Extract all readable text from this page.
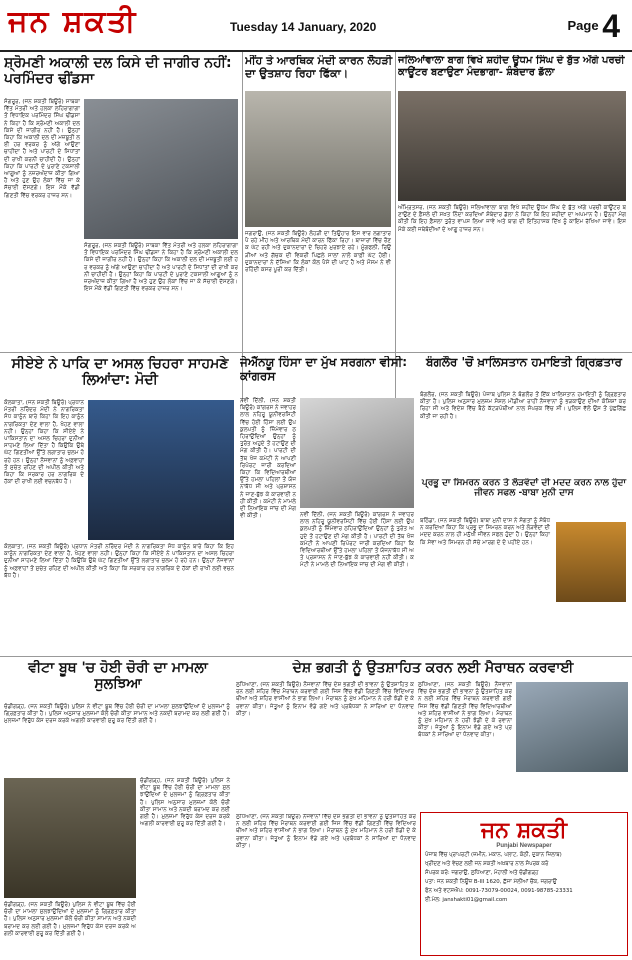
ਜਨ ਸ਼ਕਤੀ	Tuesday 14 January, 2020	Page 4
ਸ਼੍ਰੋਮਣੀ ਅਕਾਲੀ ਦਲ ਕਿਸੇ ਦੀ ਜਾਗੀਰ ਨਹੀਂ: ਪਰਮਿੰਦਰ ਢੀਂਡਸਾ
ਸੰਗਰੂਰ, (ਜਨ ਸ਼ਕਤੀ ਬਿਊਰੋ) ਸਾਬਕਾ ਵਿੱਤ ਮੰਤਰੀ ਅਤੇ ਹਲਕਾ ਲਹਿਰਾਗਾਗਾ ਤੋਂ ਵਿਧਾਇਕ ਪਰਮਿੰਦਰ ਸਿੰਘ ਢੀਂਡਸਾ ਨੇ ਕਿਹਾ ਹੈ ਕਿ ਸ਼੍ਰੋਮਣੀ ਅਕਾਲੀ ਦਲ ਕਿਸੇ ਦੀ ਜਾਗੀਰ ਨਹੀਂ ਹੈ। ਉਨ੍ਹਾਂ ਕਿਹਾ ਕਿ ਅਕਾਲੀ ਦਲ ਦੀ ਮਜ਼ਬੂਤੀ ਲਈ ਹਰ ਵਰਕਰ ਨੂੰ ਅੱਗੇ ਆਉਣਾ ਚਾਹੀਦਾ ਹੈ ਅਤੇ ਪਾਰਟੀ ਦੇ ਸਿਧਾਂਤਾਂ ਦੀ ਰਾਖੀ ਕਰਨੀ ਚਾਹੀਦੀ ਹੈ। ਉਨ੍ਹਾਂ ਕਿਹਾ ਕਿ ਪਾਰਟੀ ਦੇ ਪੁਰਾਣੇ ਟਕਸਾਲੀ ਆਗੂਆਂ ਨੂੰ ਨਜ਼ਰਅੰਦਾਜ਼ ਕੀਤਾ ਗਿਆ ਹੈ ਅਤੇ ਹੁਣ ਉਹ ਲੋਕਾਂ ਵਿੱਚ ਜਾ ਕੇ ਸੱਚਾਈ ਦੱਸਣਗੇ। ਇਸ ਮੌਕੇ ਵੱਡੀ ਗਿਣਤੀ ਵਿੱਚ ਵਰਕਰ ਹਾਜ਼ਰ ਸਨ।
ਸੰਗਰੂਰ, (ਜਨ ਸ਼ਕਤੀ ਬਿਊਰੋ) ਸਾਬਕਾ ਵਿੱਤ ਮੰਤਰੀ ਅਤੇ ਹਲਕਾ ਲਹਿਰਾਗਾਗਾ ਤੋਂ ਵਿਧਾਇਕ ਪਰਮਿੰਦਰ ਸਿੰਘ ਢੀਂਡਸਾ ਨੇ ਕਿਹਾ ਹੈ ਕਿ ਸ਼੍ਰੋਮਣੀ ਅਕਾਲੀ ਦਲ ਕਿਸੇ ਦੀ ਜਾਗੀਰ ਨਹੀਂ ਹੈ। ਉਨ੍ਹਾਂ ਕਿਹਾ ਕਿ ਅਕਾਲੀ ਦਲ ਦੀ ਮਜ਼ਬੂਤੀ ਲਈ ਹਰ ਵਰਕਰ ਨੂੰ ਅੱਗੇ ਆਉਣਾ ਚਾਹੀਦਾ ਹੈ ਅਤੇ ਪਾਰਟੀ ਦੇ ਸਿਧਾਂਤਾਂ ਦੀ ਰਾਖੀ ਕਰਨੀ ਚਾਹੀਦੀ ਹੈ। ਉਨ੍ਹਾਂ ਕਿਹਾ ਕਿ ਪਾਰਟੀ ਦੇ ਪੁਰਾਣੇ ਟਕਸਾਲੀ ਆਗੂਆਂ ਨੂੰ ਨਜ਼ਰਅੰਦਾਜ਼ ਕੀਤਾ ਗਿਆ ਹੈ ਅਤੇ ਹੁਣ ਉਹ ਲੋਕਾਂ ਵਿੱਚ ਜਾ ਕੇ ਸੱਚਾਈ ਦੱਸਣਗੇ। ਇਸ ਮੌਕੇ ਵੱਡੀ ਗਿਣਤੀ ਵਿੱਚ ਵਰਕਰ ਹਾਜ਼ਰ ਸਨ।
ਮੀਂਹ ਤੇ ਆਰਥਿਕ ਮੰਦੀ ਕਾਰਨ ਲੋਹੜੀ ਦਾ ਉਤਸ਼ਾਹ ਰਿਹਾ ਫਿੱਕਾ।
ਜਗਰਾਉਂ, (ਜਨ ਸ਼ਕਤੀ ਬਿਊਰੋ) ਲੋਹੜੀ ਦਾ ਤਿਉਹਾਰ ਇਸ ਵਾਰ ਲਗਾਤਾਰ ਪੈ ਰਹੇ ਮੀਂਹ ਅਤੇ ਆਰਥਿਕ ਮੰਦੀ ਕਾਰਨ ਫਿੱਕਾ ਰਿਹਾ। ਬਾਜ਼ਾਰਾਂ ਵਿੱਚ ਰੌਣਕ ਘੱਟ ਰਹੀ ਅਤੇ ਦੁਕਾਨਦਾਰਾਂ ਦੇ ਚਿਹਰੇ ਮੁਰਝਾਏ ਰਹੇ। ਮੂੰਗਫਲੀ, ਰਿਉੜੀਆਂ ਅਤੇ ਗੱਚਕ ਦੀ ਵਿਕਰੀ ਪਿਛਲੇ ਸਾਲਾਂ ਨਾਲੋਂ ਕਾਫ਼ੀ ਘੱਟ ਹੋਈ। ਦੁਕਾਨਦਾਰਾਂ ਨੇ ਦੱਸਿਆ ਕਿ ਲੋਕਾਂ ਕੋਲ ਪੈਸੇ ਦੀ ਘਾਟ ਹੈ ਅਤੇ ਮੌਸਮ ਨੇ ਵੀ ਰਹਿੰਦੀ ਕਸਰ ਪੂਰੀ ਕਰ ਦਿੱਤੀ।
ਜਲਿਆਂਵਾਲਾ ਬਾਗ ਵਿਖੇ ਸ਼ਹੀਦ ਊਧਮ ਸਿੰਘ ਦੇ ਬੁੱਤ ਅੱਗੇ ਪਰਚੀ ਕਾਊਂਟਰ ਬਣਾਉਣਾ ਮੰਦਭਾਗਾ- ਸ਼ੰਬੇਦਾਰ ਡੱਲਾ
ਅੰਮ੍ਰਿਤਸਰ, (ਜਨ ਸ਼ਕਤੀ ਬਿਊਰੋ) ਜਲਿਆਂਵਾਲਾ ਬਾਗ ਵਿਖੇ ਸ਼ਹੀਦ ਊਧਮ ਸਿੰਘ ਦੇ ਬੁੱਤ ਅੱਗੇ ਪਰਚੀ ਕਾਊਂਟਰ ਬਣਾਉਣ ਦੇ ਫ਼ੈਸਲੇ ਦੀ ਸਖ਼ਤ ਨਿੰਦਾ ਕਰਦਿਆਂ ਸ਼ੰਬੇਦਾਰ ਡੱਲਾ ਨੇ ਕਿਹਾ ਕਿ ਇਹ ਸ਼ਹੀਦਾਂ ਦਾ ਅਪਮਾਨ ਹੈ। ਉਨ੍ਹਾਂ ਮੰਗ ਕੀਤੀ ਕਿ ਇਹ ਫ਼ੈਸਲਾ ਤੁਰੰਤ ਵਾਪਸ ਲਿਆ ਜਾਵੇ ਅਤੇ ਬਾਗ ਦੀ ਇਤਿਹਾਸਕ ਦਿੱਖ ਨੂੰ ਕਾਇਮ ਰੱਖਿਆ ਜਾਵੇ। ਇਸ ਮੌਕੇ ਕਈ ਜਥੇਬੰਦੀਆਂ ਦੇ ਆਗੂ ਹਾਜ਼ਰ ਸਨ।
ਸੀਏਏ ਨੇ ਪਾਕਿ ਦਾ ਅਸਲ ਚਿਹਰਾ ਸਾਹਮਣੇ ਲਿਆਂਦਾ: ਮੋਦੀ
ਕੋਲਕਾਤਾ, (ਜਨ ਸ਼ਕਤੀ ਬਿਊਰੋ) ਪ੍ਰਧਾਨ ਮੰਤਰੀ ਨਰਿੰਦਰ ਮੋਦੀ ਨੇ ਨਾਗਰਿਕਤਾ ਸੋਧ ਕਾਨੂੰਨ ਬਾਰੇ ਕਿਹਾ ਕਿ ਇਹ ਕਾਨੂੰਨ ਨਾਗਰਿਕਤਾ ਦੇਣ ਵਾਲਾ ਹੈ, ਖੋਹਣ ਵਾਲਾ ਨਹੀਂ। ਉਨ੍ਹਾਂ ਕਿਹਾ ਕਿ ਸੀਏਏ ਨੇ ਪਾਕਿਸਤਾਨ ਦਾ ਅਸਲ ਚਿਹਰਾ ਦੁਨੀਆਂ ਸਾਹਮਣੇ ਲਿਆ ਦਿੱਤਾ ਹੈ ਕਿਉਂਕਿ ਉਥੇ ਘੱਟ ਗਿਣਤੀਆਂ ਉੱਤੇ ਲਗਾਤਾਰ ਜ਼ੁਲਮ ਹੋ ਰਹੇ ਹਨ। ਉਨ੍ਹਾਂ ਨੌਜਵਾਨਾਂ ਨੂੰ ਅਫ਼ਵਾਹਾਂ ਤੋਂ ਸੁਚੇਤ ਰਹਿਣ ਦੀ ਅਪੀਲ ਕੀਤੀ ਅਤੇ ਕਿਹਾ ਕਿ ਸਰਕਾਰ ਹਰ ਨਾਗਰਿਕ ਦੇ ਹੱਕਾਂ ਦੀ ਰਾਖੀ ਲਈ ਵਚਨਬੱਧ ਹੈ।
ਕੋਲਕਾਤਾ, (ਜਨ ਸ਼ਕਤੀ ਬਿਊਰੋ) ਪ੍ਰਧਾਨ ਮੰਤਰੀ ਨਰਿੰਦਰ ਮੋਦੀ ਨੇ ਨਾਗਰਿਕਤਾ ਸੋਧ ਕਾਨੂੰਨ ਬਾਰੇ ਕਿਹਾ ਕਿ ਇਹ ਕਾਨੂੰਨ ਨਾਗਰਿਕਤਾ ਦੇਣ ਵਾਲਾ ਹੈ, ਖੋਹਣ ਵਾਲਾ ਨਹੀਂ। ਉਨ੍ਹਾਂ ਕਿਹਾ ਕਿ ਸੀਏਏ ਨੇ ਪਾਕਿਸਤਾਨ ਦਾ ਅਸਲ ਚਿਹਰਾ ਦੁਨੀਆਂ ਸਾਹਮਣੇ ਲਿਆ ਦਿੱਤਾ ਹੈ ਕਿਉਂਕਿ ਉਥੇ ਘੱਟ ਗਿਣਤੀਆਂ ਉੱਤੇ ਲਗਾਤਾਰ ਜ਼ੁਲਮ ਹੋ ਰਹੇ ਹਨ। ਉਨ੍ਹਾਂ ਨੌਜਵਾਨਾਂ ਨੂੰ ਅਫ਼ਵਾਹਾਂ ਤੋਂ ਸੁਚੇਤ ਰਹਿਣ ਦੀ ਅਪੀਲ ਕੀਤੀ ਅਤੇ ਕਿਹਾ ਕਿ ਸਰਕਾਰ ਹਰ ਨਾਗਰਿਕ ਦੇ ਹੱਕਾਂ ਦੀ ਰਾਖੀ ਲਈ ਵਚਨਬੱਧ ਹੈ।
ਜੇਐੱਨਯੂ ਹਿੰਸਾ ਦਾ ਮੁੱਖ ਸਰਗਨਾ ਵੀਸੀ: ਕਾਂਗਰਸ
ਨਵੀਂ ਦਿੱਲੀ, (ਜਨ ਸ਼ਕਤੀ ਬਿਊਰੋ) ਕਾਂਗਰਸ ਨੇ ਜਵਾਹਰ ਲਾਲ ਨਹਿਰੂ ਯੂਨੀਵਰਸਿਟੀ ਵਿੱਚ ਹੋਈ ਹਿੰਸਾ ਲਈ ਉਪ ਕੁਲਪਤੀ ਨੂੰ ਜ਼ਿੰਮੇਵਾਰ ਠਹਿਰਾਉਂਦਿਆਂ ਉਨ੍ਹਾਂ ਨੂੰ ਤੁਰੰਤ ਅਹੁਦੇ ਤੋਂ ਹਟਾਉਣ ਦੀ ਮੰਗ ਕੀਤੀ ਹੈ। ਪਾਰਟੀ ਦੀ ਤੱਥ ਖੋਜ ਕਮੇਟੀ ਨੇ ਆਪਣੀ ਰਿਪੋਰਟ ਜਾਰੀ ਕਰਦਿਆਂ ਕਿਹਾ ਕਿ ਵਿਦਿਆਰਥੀਆਂ ਉੱਤੇ ਹਮਲਾ ਪਹਿਲਾਂ ਤੋਂ ਯੋਜਨਾਬੱਧ ਸੀ ਅਤੇ ਪ੍ਰਸ਼ਾਸਨ ਨੇ ਜਾਣ-ਬੁੱਝ ਕੇ ਕਾਰਵਾਈ ਨਹੀਂ ਕੀਤੀ। ਕਮੇਟੀ ਨੇ ਮਾਮਲੇ ਦੀ ਨਿਆਂਇਕ ਜਾਂਚ ਦੀ ਮੰਗ ਵੀ ਕੀਤੀ।	ਨਵੀਂ ਦਿੱਲੀ, (ਜਨ ਸ਼ਕਤੀ ਬਿਊਰੋ) ਕਾਂਗਰਸ ਨੇ ਜਵਾਹਰ ਲਾਲ ਨਹਿਰੂ ਯੂਨੀਵਰਸਿਟੀ ਵਿੱਚ ਹੋਈ ਹਿੰਸਾ ਲਈ ਉਪ ਕੁਲਪਤੀ ਨੂੰ ਜ਼ਿੰਮੇਵਾਰ ਠਹਿਰਾਉਂਦਿਆਂ ਉਨ੍ਹਾਂ ਨੂੰ ਤੁਰੰਤ ਅਹੁਦੇ ਤੋਂ ਹਟਾਉਣ ਦੀ ਮੰਗ ਕੀਤੀ ਹੈ। ਪਾਰਟੀ ਦੀ ਤੱਥ ਖੋਜ ਕਮੇਟੀ ਨੇ ਆਪਣੀ ਰਿਪੋਰਟ ਜਾਰੀ ਕਰਦਿਆਂ ਕਿਹਾ ਕਿ ਵਿਦਿਆਰਥੀਆਂ ਉੱਤੇ ਹਮਲਾ ਪਹਿਲਾਂ ਤੋਂ ਯੋਜਨਾਬੱਧ ਸੀ ਅਤੇ ਪ੍ਰਸ਼ਾਸਨ ਨੇ ਜਾਣ-ਬੁੱਝ ਕੇ ਕਾਰਵਾਈ ਨਹੀਂ ਕੀਤੀ। ਕਮੇਟੀ ਨੇ ਮਾਮਲੇ ਦੀ ਨਿਆਂਇਕ ਜਾਂਚ ਦੀ ਮੰਗ ਵੀ ਕੀਤੀ।
ਬੰਗਲੌਰ 'ਚੋਂ ਖ਼ਾਲਿਸਤਾਨ ਹਮਾਇਤੀ ਗ੍ਰਿਫ਼ਤਾਰ
ਬੰਗਲੌਰ, (ਜਨ ਸ਼ਕਤੀ ਬਿਊਰੋ) ਪੰਜਾਬ ਪੁਲਿਸ ਨੇ ਬੰਗਲੌਰ ਤੋਂ ਇੱਕ ਖ਼ਾਲਿਸਤਾਨ ਹਮਾਇਤੀ ਨੂੰ ਗ੍ਰਿਫ਼ਤਾਰ ਕੀਤਾ ਹੈ। ਪੁਲਿਸ ਅਨੁਸਾਰ ਮੁਲਜ਼ਮ ਸੋਸ਼ਲ ਮੀਡੀਆ ਰਾਹੀਂ ਨੌਜਵਾਨਾਂ ਨੂੰ ਭੜਕਾਉਣ ਦੀਆਂ ਕੋਸ਼ਿਸ਼ਾਂ ਕਰ ਰਿਹਾ ਸੀ ਅਤੇ ਵਿਦੇਸ਼ ਵਿੱਚ ਬੈਠੇ ਕੱਟੜਪੰਥੀਆਂ ਨਾਲ ਸੰਪਰਕ ਵਿੱਚ ਸੀ। ਪੁਲਿਸ ਵੱਲੋਂ ਉਸ ਤੋਂ ਪੁੱਛਗਿੱਛ ਕੀਤੀ ਜਾ ਰਹੀ ਹੈ।
ਪ੍ਰਭੂ ਦਾ ਸਿਮਰਨ ਕਰਨ ਤੇ ਲੋੜਵੰਦਾਂ ਦੀ ਮਦਦ ਕਰਨ ਨਾਲ ਹੁੰਦਾ ਜੀਵਨ ਸਫਲ -ਬਾਬਾ ਮੁਨੀ ਦਾਸ
ਬਠਿੰਡਾ, (ਜਨ ਸ਼ਕਤੀ ਬਿਊਰੋ) ਬਾਬਾ ਮੁਨੀ ਦਾਸ ਨੇ ਸੰਗਤਾਂ ਨੂੰ ਸੰਬੋਧਨ ਕਰਦਿਆਂ ਕਿਹਾ ਕਿ ਪ੍ਰਭੂ ਦਾ ਸਿਮਰਨ ਕਰਨ ਅਤੇ ਲੋੜਵੰਦਾਂ ਦੀ ਮਦਦ ਕਰਨ ਨਾਲ ਹੀ ਮਨੁੱਖੀ ਜੀਵਨ ਸਫਲ ਹੁੰਦਾ ਹੈ। ਉਨ੍ਹਾਂ ਕਿਹਾ ਕਿ ਸੇਵਾ ਅਤੇ ਸਿਮਰਨ ਹੀ ਸੱਚੇ ਮਾਰਗ ਦੇ ਦੋ ਪਹੀਏ ਹਨ।
ਦੇਸ਼ ਭਗਤੀ ਨੂੰ ਉਤਸ਼ਾਹਿਤ ਕਰਨ ਲਈ ਮੈਰਾਥਨ ਕਰਵਾਈ
ਲੁਧਿਆਣਾ, (ਜਨ ਸ਼ਕਤੀ ਬਿਊਰੋ) ਨੌਜਵਾਨਾਂ ਵਿੱਚ ਦੇਸ਼ ਭਗਤੀ ਦੀ ਭਾਵਨਾ ਨੂੰ ਉਤਸ਼ਾਹਿਤ ਕਰਨ ਲਈ ਸ਼ਹਿਰ ਵਿੱਚ ਮੈਰਾਥਨ ਕਰਵਾਈ ਗਈ ਜਿਸ ਵਿੱਚ ਵੱਡੀ ਗਿਣਤੀ ਵਿੱਚ ਵਿਦਿਆਰਥੀਆਂ ਅਤੇ ਸ਼ਹਿਰ ਵਾਸੀਆਂ ਨੇ ਭਾਗ ਲਿਆ। ਮੈਰਾਥਨ ਨੂੰ ਮੁੱਖ ਮਹਿਮਾਨ ਨੇ ਹਰੀ ਝੰਡੀ ਦੇ ਕੇ ਰਵਾਨਾ ਕੀਤਾ। ਜੇਤੂਆਂ ਨੂੰ ਇਨਾਮ ਵੰਡੇ ਗਏ ਅਤੇ ਪ੍ਰਬੰਧਕਾਂ ਨੇ ਸਾਰਿਆਂ ਦਾ ਧੰਨਵਾਦ ਕੀਤਾ।
ਲੁਧਿਆਣਾ, (ਜਨ ਸ਼ਕਤੀ ਬਿਊਰੋ) ਨੌਜਵਾਨਾਂ ਵਿੱਚ ਦੇਸ਼ ਭਗਤੀ ਦੀ ਭਾਵਨਾ ਨੂੰ ਉਤਸ਼ਾਹਿਤ ਕਰਨ ਲਈ ਸ਼ਹਿਰ ਵਿੱਚ ਮੈਰਾਥਨ ਕਰਵਾਈ ਗਈ ਜਿਸ ਵਿੱਚ ਵੱਡੀ ਗਿਣਤੀ ਵਿੱਚ ਵਿਦਿਆਰਥੀਆਂ ਅਤੇ ਸ਼ਹਿਰ ਵਾਸੀਆਂ ਨੇ ਭਾਗ ਲਿਆ। ਮੈਰਾਥਨ ਨੂੰ ਮੁੱਖ ਮਹਿਮਾਨ ਨੇ ਹਰੀ ਝੰਡੀ ਦੇ ਕੇ ਰਵਾਨਾ ਕੀਤਾ। ਜੇਤੂਆਂ ਨੂੰ ਇਨਾਮ ਵੰਡੇ ਗਏ ਅਤੇ ਪ੍ਰਬੰਧਕਾਂ ਨੇ ਸਾਰਿਆਂ ਦਾ ਧੰਨਵਾਦ ਕੀਤਾ।
ਵੀਟਾ ਬੂਥ 'ਚ ਹੋਈ ਚੋਰੀ ਦਾ ਮਾਮਲਾ ਸੁਲਝਿਆ
ਚੰਡੀਗੜ੍ਹ, (ਜਨ ਸ਼ਕਤੀ ਬਿਊਰੋ) ਪੁਲਿਸ ਨੇ ਵੀਟਾ ਬੂਥ ਵਿੱਚ ਹੋਈ ਚੋਰੀ ਦਾ ਮਾਮਲਾ ਸੁਲਝਾਉਂਦਿਆਂ ਦੋ ਮੁਲਜ਼ਮਾਂ ਨੂੰ ਗ੍ਰਿਫ਼ਤਾਰ ਕੀਤਾ ਹੈ। ਪੁਲਿਸ ਅਨੁਸਾਰ ਮੁਲਜ਼ਮਾਂ ਕੋਲੋਂ ਚੋਰੀ ਕੀਤਾ ਸਾਮਾਨ ਅਤੇ ਨਕਦੀ ਬਰਾਮਦ ਕਰ ਲਈ ਗਈ ਹੈ। ਮੁਲਜ਼ਮਾਂ ਵਿਰੁੱਧ ਕੇਸ ਦਰਜ ਕਰਕੇ ਅਗਲੀ ਕਾਰਵਾਈ ਸ਼ੁਰੂ ਕਰ ਦਿੱਤੀ ਗਈ ਹੈ।
ਚੰਡੀਗੜ੍ਹ, (ਜਨ ਸ਼ਕਤੀ ਬਿਊਰੋ) ਪੁਲਿਸ ਨੇ ਵੀਟਾ ਬੂਥ ਵਿੱਚ ਹੋਈ ਚੋਰੀ ਦਾ ਮਾਮਲਾ ਸੁਲਝਾਉਂਦਿਆਂ ਦੋ ਮੁਲਜ਼ਮਾਂ ਨੂੰ ਗ੍ਰਿਫ਼ਤਾਰ ਕੀਤਾ ਹੈ। ਪੁਲਿਸ ਅਨੁਸਾਰ ਮੁਲਜ਼ਮਾਂ ਕੋਲੋਂ ਚੋਰੀ ਕੀਤਾ ਸਾਮਾਨ ਅਤੇ ਨਕਦੀ ਬਰਾਮਦ ਕਰ ਲਈ ਗਈ ਹੈ। ਮੁਲਜ਼ਮਾਂ ਵਿਰੁੱਧ ਕੇਸ ਦਰਜ ਕਰਕੇ ਅਗਲੀ ਕਾਰਵਾਈ ਸ਼ੁਰੂ ਕਰ ਦਿੱਤੀ ਗਈ ਹੈ।
ਚੰਡੀਗੜ੍ਹ, (ਜਨ ਸ਼ਕਤੀ ਬਿਊਰੋ) ਪੁਲਿਸ ਨੇ ਵੀਟਾ ਬੂਥ ਵਿੱਚ ਹੋਈ ਚੋਰੀ ਦਾ ਮਾਮਲਾ ਸੁਲਝਾਉਂਦਿਆਂ ਦੋ ਮੁਲਜ਼ਮਾਂ ਨੂੰ ਗ੍ਰਿਫ਼ਤਾਰ ਕੀਤਾ ਹੈ। ਪੁਲਿਸ ਅਨੁਸਾਰ ਮੁਲਜ਼ਮਾਂ ਕੋਲੋਂ ਚੋਰੀ ਕੀਤਾ ਸਾਮਾਨ ਅਤੇ ਨਕਦੀ ਬਰਾਮਦ ਕਰ ਲਈ ਗਈ ਹੈ। ਮੁਲਜ਼ਮਾਂ ਵਿਰੁੱਧ ਕੇਸ ਦਰਜ ਕਰਕੇ ਅਗਲੀ ਕਾਰਵਾਈ ਸ਼ੁਰੂ ਕਰ ਦਿੱਤੀ ਗਈ ਹੈ।
ਜਨ ਸ਼ਕਤੀ
Punjabi Newspaper
ਪੰਜਾਬ ਵਿੱਚ ਪ੍ਰਾਪਰਟੀ (ਜ਼ਮੀਨ, ਮਕਾਨ, ਪਲਾਟ, ਕੋਠੀ, ਦੁਕਾਨ ਜ਼ਿਲਾਬ)
ਖ੍ਰੀਦਣ ਅਤੇ ਵੇਚਣ ਲਈ ਜਨ ਸ਼ਕਤੀ ਅਖ਼ਬਾਰ ਨਾਲ ਸੰਪਰਕ ਕਰੋ
ਸੰਪਰਕ ਕਰੋ: ਜਗਰਾਉਂ, ਲੁਧਿਆਣਾ, ਮੋਹਾਲੀ ਅਤੇ ਚੰਡੀਗੜ੍ਹ
ਪਤਾ: ਜਨ ਸ਼ਕਤੀ ਨਿਊਜ਼ B-III 1620, ਛੱਜਾ ਮੱਲੀਆਂ ਚੌਂਕ, ਜਗਰਾਉਂ
ਫੋਨ ਅਤੇ ਵਟਸਐਪ: 0091-73079-00024, 0091-98785-23331
ਈ.ਮੇਲ: janshakti01@gmail.com
ਲੁਧਿਆਣਾ, (ਜਨ ਸ਼ਕਤੀ ਬਿਊਰੋ) ਨੌਜਵਾਨਾਂ ਵਿੱਚ ਦੇਸ਼ ਭਗਤੀ ਦੀ ਭਾਵਨਾ ਨੂੰ ਉਤਸ਼ਾਹਿਤ ਕਰਨ ਲਈ ਸ਼ਹਿਰ ਵਿੱਚ ਮੈਰਾਥਨ ਕਰਵਾਈ ਗਈ ਜਿਸ ਵਿੱਚ ਵੱਡੀ ਗਿਣਤੀ ਵਿੱਚ ਵਿਦਿਆਰਥੀਆਂ ਅਤੇ ਸ਼ਹਿਰ ਵਾਸੀਆਂ ਨੇ ਭਾਗ ਲਿਆ। ਮੈਰਾਥਨ ਨੂੰ ਮੁੱਖ ਮਹਿਮਾਨ ਨੇ ਹਰੀ ਝੰਡੀ ਦੇ ਕੇ ਰਵਾਨਾ ਕੀਤਾ। ਜੇਤੂਆਂ ਨੂੰ ਇਨਾਮ ਵੰਡੇ ਗਏ ਅਤੇ ਪ੍ਰਬੰਧਕਾਂ ਨੇ ਸਾਰਿਆਂ ਦਾ ਧੰਨਵਾਦ ਕੀਤਾ।
